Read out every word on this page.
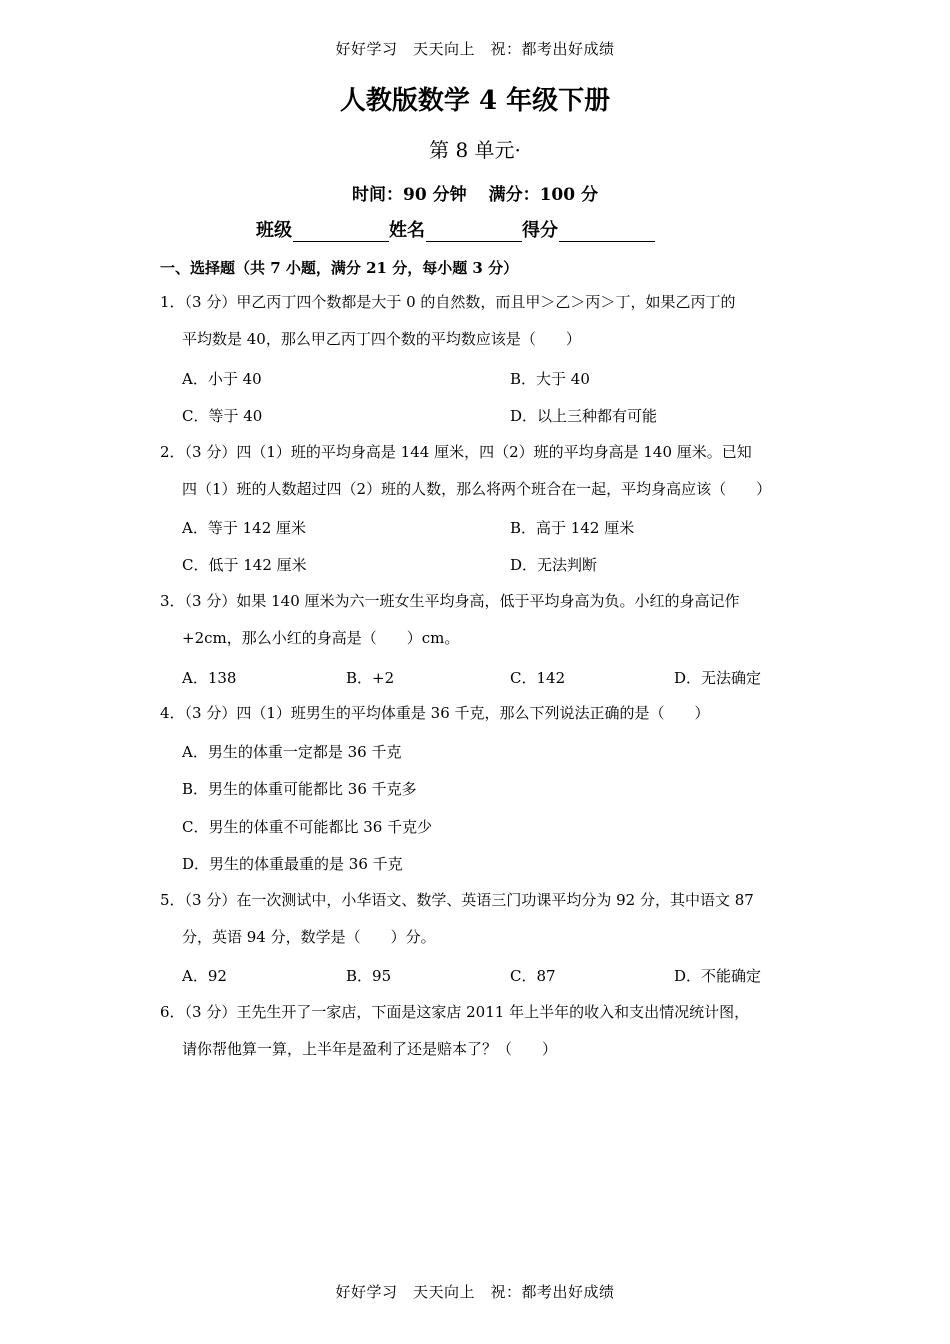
好好学习　天天向上　祝：都考出好成绩
人教版数学 4 年级下册
第 8 单元·
时间：90 分钟 满分：100 分
班级	姓名	得分
一、选择题（共 7 小题，满分 21 分，每小题 3 分）
1．（3 分）甲乙丙丁四个数都是大于 0 的自然数，而且甲＞乙＞丙＞丁，如果乙丙丁的
平均数是 40，那么甲乙丙丁四个数的平均数应该是（　　）
A．小于 40	B．大于 40
C．等于 40	D．以上三种都有可能
2．（3 分）四（1）班的平均身高是 144 厘米，四（2）班的平均身高是 140 厘米。已知
四（1）班的人数超过四（2）班的人数，那么将两个班合在一起，平均身高应该（　　）
A．等于 142 厘米	B．高于 142 厘米
C．低于 142 厘米	D．无法判断
3．（3 分）如果 140 厘米为六一班女生平均身高，低于平均身高为负。小红的身高记作
+2cm，那么小红的身高是（　　）cm。
A．138	B．+2	C．142	D．无法确定
4．（3 分）四（1）班男生的平均体重是 36 千克，那么下列说法正确的是（　　）
A．男生的体重一定都是 36 千克
B．男生的体重可能都比 36 千克多
C．男生的体重不可能都比 36 千克少
D．男生的体重最重的是 36 千克
5．（3 分）在一次测试中，小华语文、数学、英语三门功课平均分为 92 分，其中语文 87
分，英语 94 分，数学是（　　）分。
A．92	B．95	C．87	D．不能确定
6．（3 分）王先生开了一家店，下面是这家店 2011 年上半年的收入和支出情况统计图，
请你帮他算一算，上半年是盈利了还是赔本了？（　　）
好好学习　天天向上　祝：都考出好成绩
